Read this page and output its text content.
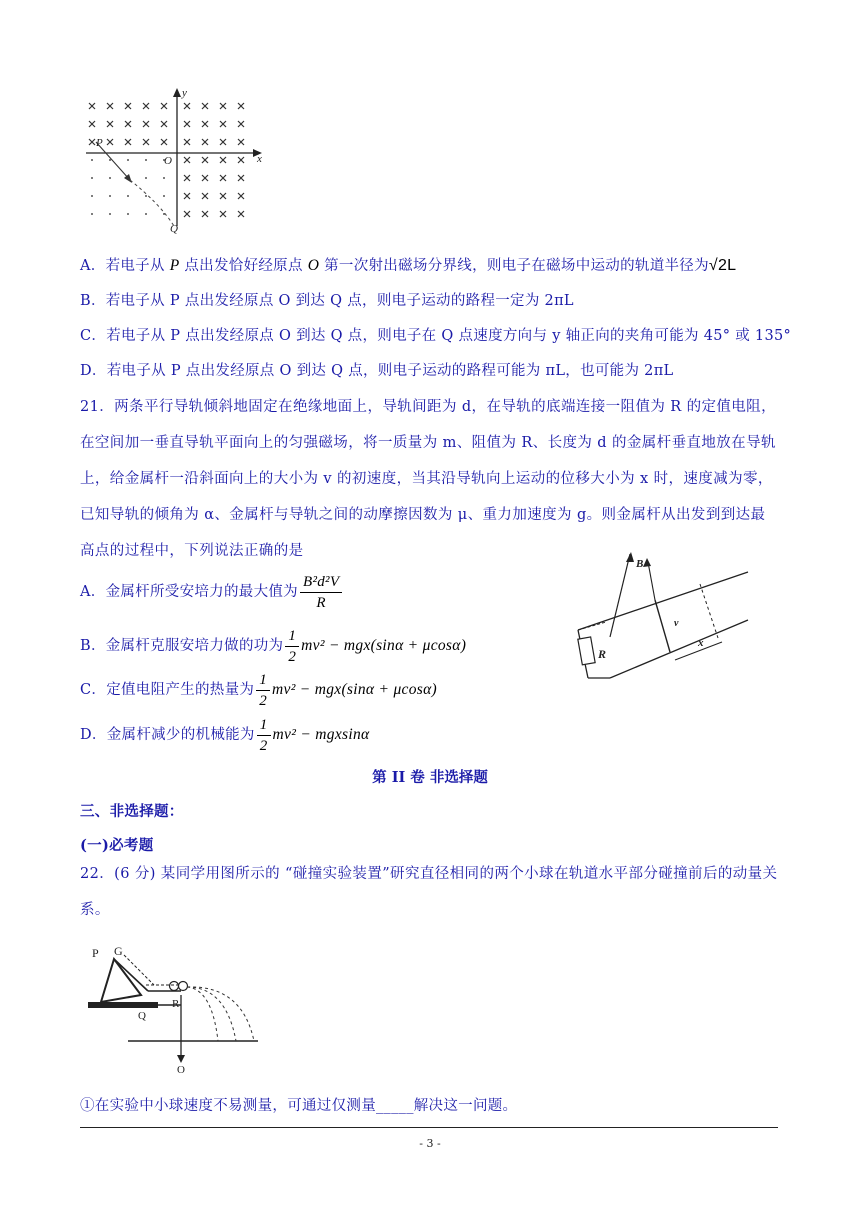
y
x
P
O
Q
A．若电子从 P 点出发恰好经原点 O 第一次射出磁场分界线，则电子在磁场中运动的轨道半径为√2L
B．若电子从 P 点出发经原点 O 到达 Q 点，则电子运动的路程一定为 2πL
C．若电子从 P 点出发经原点 O 到达 Q 点，则电子在 Q 点速度方向与 y 轴正向的夹角可能为 45° 或 135°
D．若电子从 P 点出发经原点 O 到达 Q 点，则电子运动的路程可能为 πL，也可能为 2πL
21．两条平行导轨倾斜地固定在绝缘地面上，导轨间距为 d，在导轨的底端连接一阻值为 R 的定值电阻，在空间加一垂直导轨平面向上的匀强磁场，将一质量为 m、阻值为 R、长度为 d 的金属杆垂直地放在导轨上，给金属杆一沿斜面向上的大小为 v 的初速度，当其沿导轨向上运动的位移大小为 x 时，速度减为零，已知导轨的倾角为 α、金属杆与导轨之间的动摩擦因数为 μ、重力加速度为 g。则金属杆从出发到到达最高点的过程中，下列说法正确的是
A．金属杆所受安培力的最大值为 $\frac{\text{B²d²V}}{R}$
B．金属杆克服安培力做的功为 $\frac{1}{2} mv^2 - mgx(\sin\alpha + \mu\cos\alpha)$
C．定值电阻产生的热量为 $\frac{1}{2} mv^2 - mgx(\sin\alpha + \mu\cos\alpha)$
D．金属杆减少的机械能为 $\frac{1}{2} mv^2 - mgxsin\alpha$
R
B
v
x
第 II 卷 非选择题
三、非选择题：
(一)必考题
22．(6 分) 某同学用图所示的 “碰撞实验装置”研究直径相同的两个小球在轨道水平部分碰撞前后的动量关系。
P G
Q
R
O
①在实验中小球速度不易测量，可通过仅测量_____解决这一问题。
- 3 -
